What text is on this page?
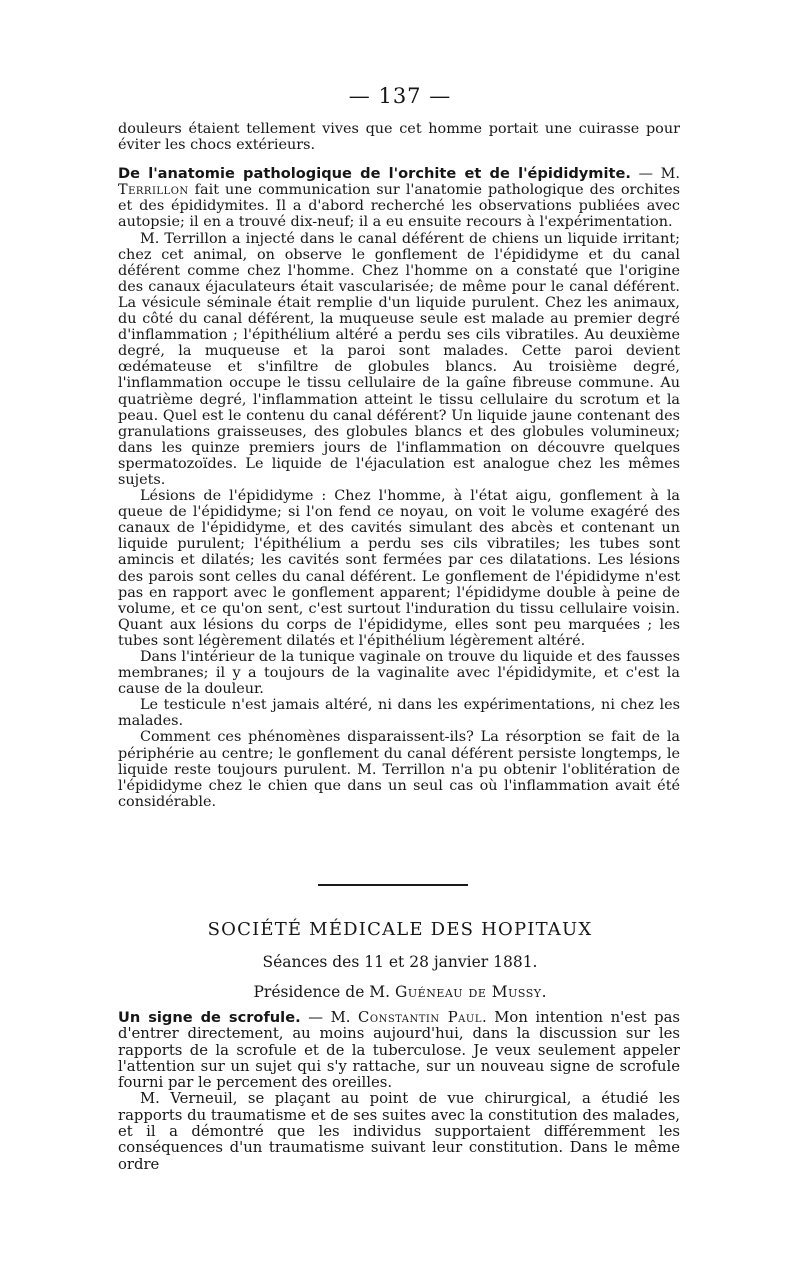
— 137 —

douleurs étaient tellement vives que cet homme portait une cuirasse pour éviter les chocs extérieurs.

De l'anatomie pathologique de l'orchite et de l'épididymite. — M. Terrillon fait une communication sur l'anatomie pathologique des orchites et des épididymites. Il a d'abord recherché les observations publiées avec autopsie; il en a trouvé dix-neuf; il a eu ensuite recours à l'expérimentation.

M. Terrillon a injecté dans le canal déférent de chiens un liquide irritant; chez cet animal, on observe le gonflement de l'épididyme et du canal déférent comme chez l'homme. Chez l'homme on a constaté que l'origine des canaux éjaculateurs était vascularisée; de même pour le canal déférent. La vésicule séminale était remplie d'un liquide purulent. Chez les animaux, du côté du canal déférent, la muqueuse seule est malade au premier degré d'inflammation ; l'épithélium altéré a perdu ses cils vibratiles. Au deuxième degré, la muqueuse et la paroi sont malades. Cette paroi devient œdémateuse et s'infiltre de globules blancs. Au troisième degré, l'inflammation occupe le tissu cellulaire de la gaîne fibreuse commune. Au quatrième degré, l'inflammation atteint le tissu cellulaire du scrotum et la peau. Quel est le contenu du canal déférent? Un liquide jaune contenant des granulations graisseuses, des globules blancs et des globules volumineux; dans les quinze premiers jours de l'inflammation on découvre quelques spermatozoïdes. Le liquide de l'éjaculation est analogue chez les mêmes sujets.

Lésions de l'épididyme : Chez l'homme, à l'état aigu, gonflement à la queue de l'épididyme; si l'on fend ce noyau, on voit le volume exagéré des canaux de l'épididyme, et des cavités simulant des abcès et contenant un liquide purulent; l'épithélium a perdu ses cils vibratiles; les tubes sont amincis et dilatés; les cavités sont fermées par ces dilatations. Les lésions des parois sont celles du canal déférent. Le gonflement de l'épididyme n'est pas en rapport avec le gonflement apparent; l'épididyme double à peine de volume, et ce qu'on sent, c'est surtout l'induration du tissu cellulaire voisin. Quant aux lésions du corps de l'épididyme, elles sont peu marquées ; les tubes sont légèrement dilatés et l'épithélium légèrement altéré.

Dans l'intérieur de la tunique vaginale on trouve du liquide et des fausses membranes; il y a toujours de la vaginalite avec l'épididymite, et c'est la cause de la douleur.

Le testicule n'est jamais altéré, ni dans les expérimentations, ni chez les malades.

Comment ces phénomènes disparaissent-ils? La résorption se fait de la périphérie au centre; le gonflement du canal déférent persiste longtemps, le liquide reste toujours purulent. M. Terrillon n'a pu obtenir l'oblitération de l'épididyme chez le chien que dans un seul cas où l'inflammation avait été considérable.

SOCIÉTÉ MÉDICALE DES HOPITAUX
Séances des 11 et 28 janvier 1881.
Présidence de M. Guéneau de Mussy.

Un signe de scrofule. — M. Constantin Paul. Mon intention n'est pas d'entrer directement, au moins aujourd'hui, dans la discussion sur les rapports de la scrofule et de la tuberculose. Je veux seulement appeler l'attention sur un sujet qui s'y rattache, sur un nouveau signe de scrofule fourni par le percement des oreilles.

M. Verneuil, se plaçant au point de vue chirurgical, a étudié les rapports du traumatisme et de ses suites avec la constitution des malades, et il a démontré que les individus supportaient différemment les conséquences d'un traumatisme suivant leur constitution. Dans le même ordre
